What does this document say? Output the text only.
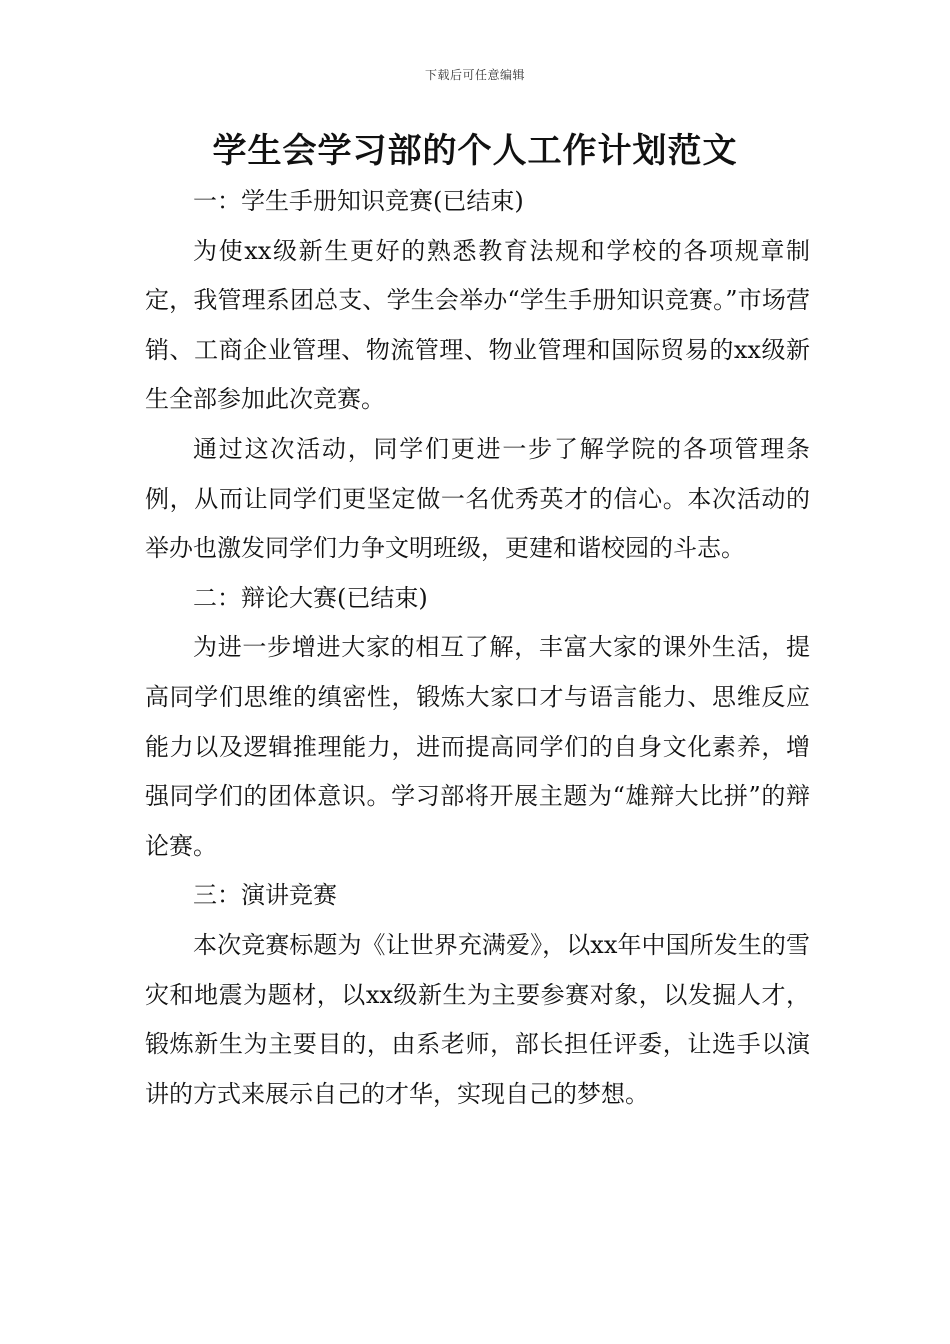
下载后可任意编辑
学生会学习部的个人工作计划范文

一：学生手册知识竞赛(已结束)

为使xx级新生更好的熟悉教育法规和学校的各项规章制定，我管理系团总支、学生会举办“学生手册知识竞赛。”市场营销、工商企业管理、物流管理、物业管理和国际贸易的xx级新生全部参加此次竞赛。

通过这次活动，同学们更进一步了解学院的各项管理条例，从而让同学们更坚定做一名优秀英才的信心。本次活动的举办也激发同学们力争文明班级，更建和谐校园的斗志。

二：辩论大赛(已结束)

为进一步增进大家的相互了解，丰富大家的课外生活，提高同学们思维的缜密性，锻炼大家口才与语言能力、思维反应能力以及逻辑推理能力，进而提高同学们的自身文化素养，增强同学们的团体意识。学习部将开展主题为“雄辩大比拼”的辩论赛。

三：演讲竞赛

本次竞赛标题为《让世界充满爱》，以xx年中国所发生的雪灾和地震为题材，以xx级新生为主要参赛对象，以发掘人才，锻炼新生为主要目的，由系老师，部长担任评委，让选手以演讲的方式来展示自己的才华，实现自己的梦想。
